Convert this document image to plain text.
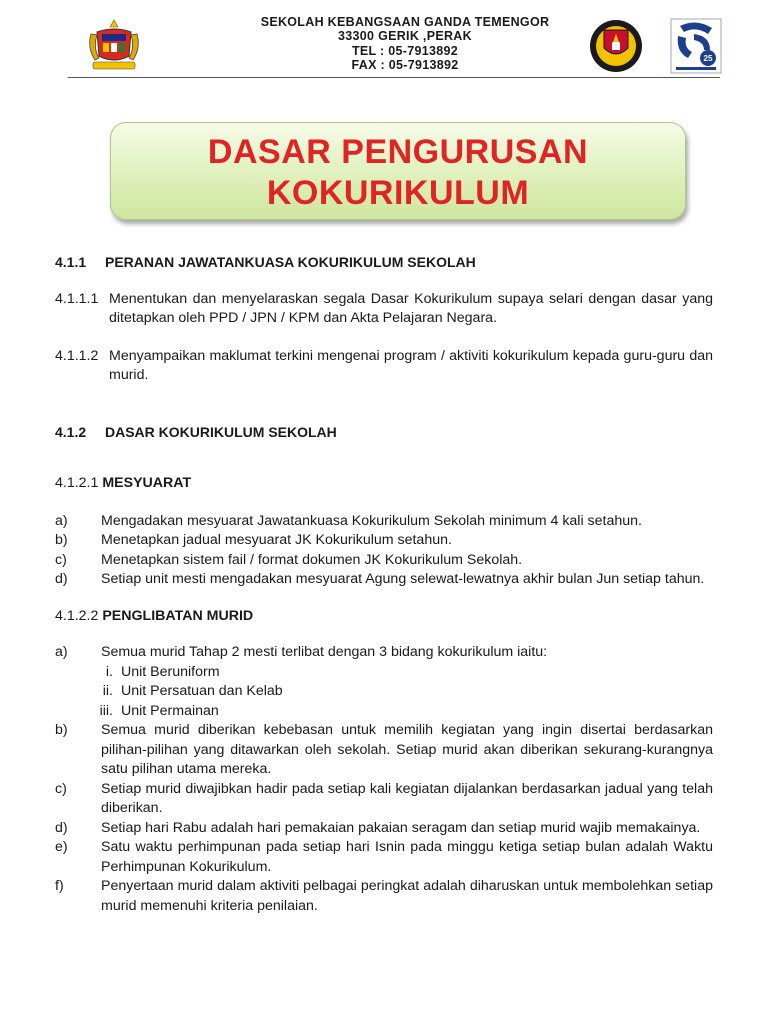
SEKOLAH KEBANGSAAN GANDA TEMENGOR
33300 GERIK ,PERAK
TEL : 05-7913892
FAX : 05-7913892	25
DASAR PENGURUSAN
KOKURIKULUM

4.1.1 PERANAN JAWATANKUASA KOKURIKULUM SEKOLAH

4.1.1.1 Menentukan dan menyelaraskan segala Dasar Kokurikulum supaya selari dengan dasar yang ditetapkan oleh PPD / JPN / KPM dan Akta Pelajaran Negara.
4.1.1.2 Menyampaikan maklumat terkini mengenai program / aktiviti kokurikulum kepada guru-guru dan murid.

4.1.2 DASAR KOKURIKULUM SEKOLAH

4.1.2.1 MESYUARAT

a)	Mengadakan mesyuarat Jawatankuasa Kokurikulum Sekolah minimum 4 kali setahun.
b)	Menetapkan jadual mesyuarat JK Kokurikulum setahun.
c)	Menetapkan sistem fail / format dokumen JK Kokurikulum Sekolah.
d)	Setiap unit mesti mengadakan mesyuarat Agung selewat-lewatnya akhir bulan Jun setiap tahun.

4.1.2.2 PENGLIBATAN MURID

a)	Semua murid Tahap 2 mesti terlibat dengan 3 bidang kokurikulum iaitu:
i. Unit Beruniform
ii. Unit Persatuan dan Kelab
iii. Unit Permainan
b)	Semua murid diberikan kebebasan untuk memilih kegiatan yang ingin disertai berdasarkan pilihan-pilihan yang ditawarkan oleh sekolah. Setiap murid akan diberikan sekurang-kurangnya satu pilihan utama mereka.
c)	Setiap murid diwajibkan hadir pada setiap kali kegiatan dijalankan berdasarkan jadual yang telah diberikan.
d)	Setiap hari Rabu adalah hari pemakaian pakaian seragam dan setiap murid wajib memakainya.
e)	Satu waktu perhimpunan pada setiap hari Isnin pada minggu ketiga setiap bulan adalah Waktu Perhimpunan Kokurikulum.
f)	Penyertaan murid dalam aktiviti pelbagai peringkat adalah diharuskan untuk membolehkan setiap murid memenuhi kriteria penilaian.
